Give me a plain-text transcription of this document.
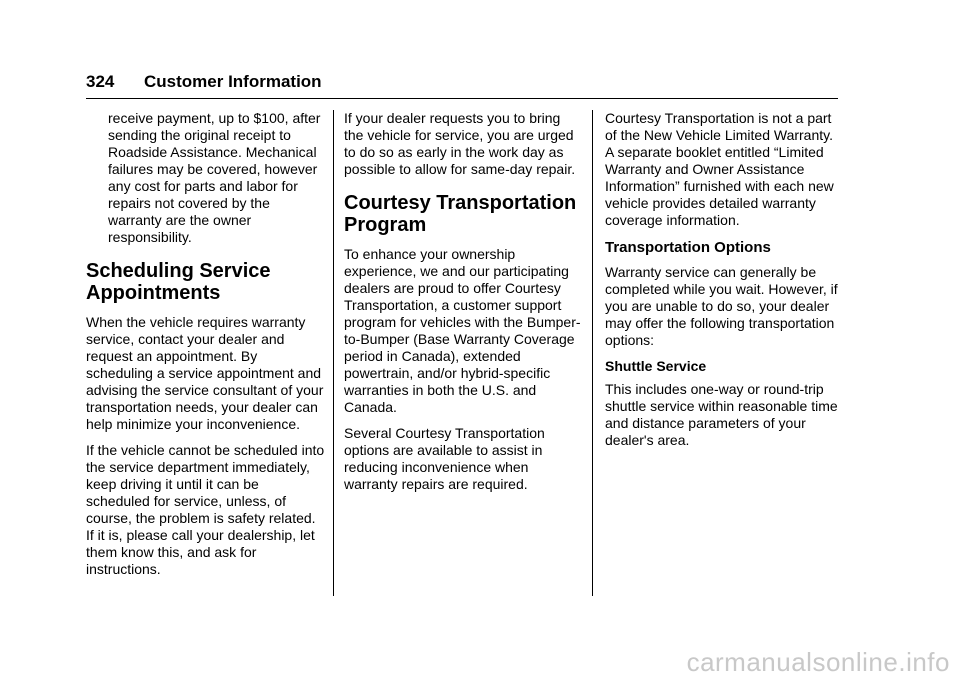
324 Customer Information

receive payment, up to $100, after sending the original receipt to Roadside Assistance. Mechanical failures may be covered, however any cost for parts and labor for repairs not covered by the warranty are the owner responsibility.

Scheduling Service Appointments

When the vehicle requires warranty service, contact your dealer and request an appointment. By scheduling a service appointment and advising the service consultant of your transportation needs, your dealer can help minimize your inconvenience.

If the vehicle cannot be scheduled into the service department immediately, keep driving it until it can be scheduled for service, unless, of course, the problem is safety related. If it is, please call your dealership, let them know this, and ask for instructions.

If your dealer requests you to bring the vehicle for service, you are urged to do so as early in the work day as possible to allow for same-day repair.

Courtesy Transportation Program

To enhance your ownership experience, we and our participating dealers are proud to offer Courtesy Transportation, a customer support program for vehicles with the Bumper-to-Bumper (Base Warranty Coverage period in Canada), extended powertrain, and/or hybrid-specific warranties in both the U.S. and Canada.

Several Courtesy Transportation options are available to assist in reducing inconvenience when warranty repairs are required.

Courtesy Transportation is not a part of the New Vehicle Limited Warranty. A separate booklet entitled “Limited Warranty and Owner Assistance Information” furnished with each new vehicle provides detailed warranty coverage information.

Transportation Options

Warranty service can generally be completed while you wait. However, if you are unable to do so, your dealer may offer the following transportation options:

Shuttle Service

This includes one-way or round-trip shuttle service within reasonable time and distance parameters of your dealer's area.

carmanualsonline.info
